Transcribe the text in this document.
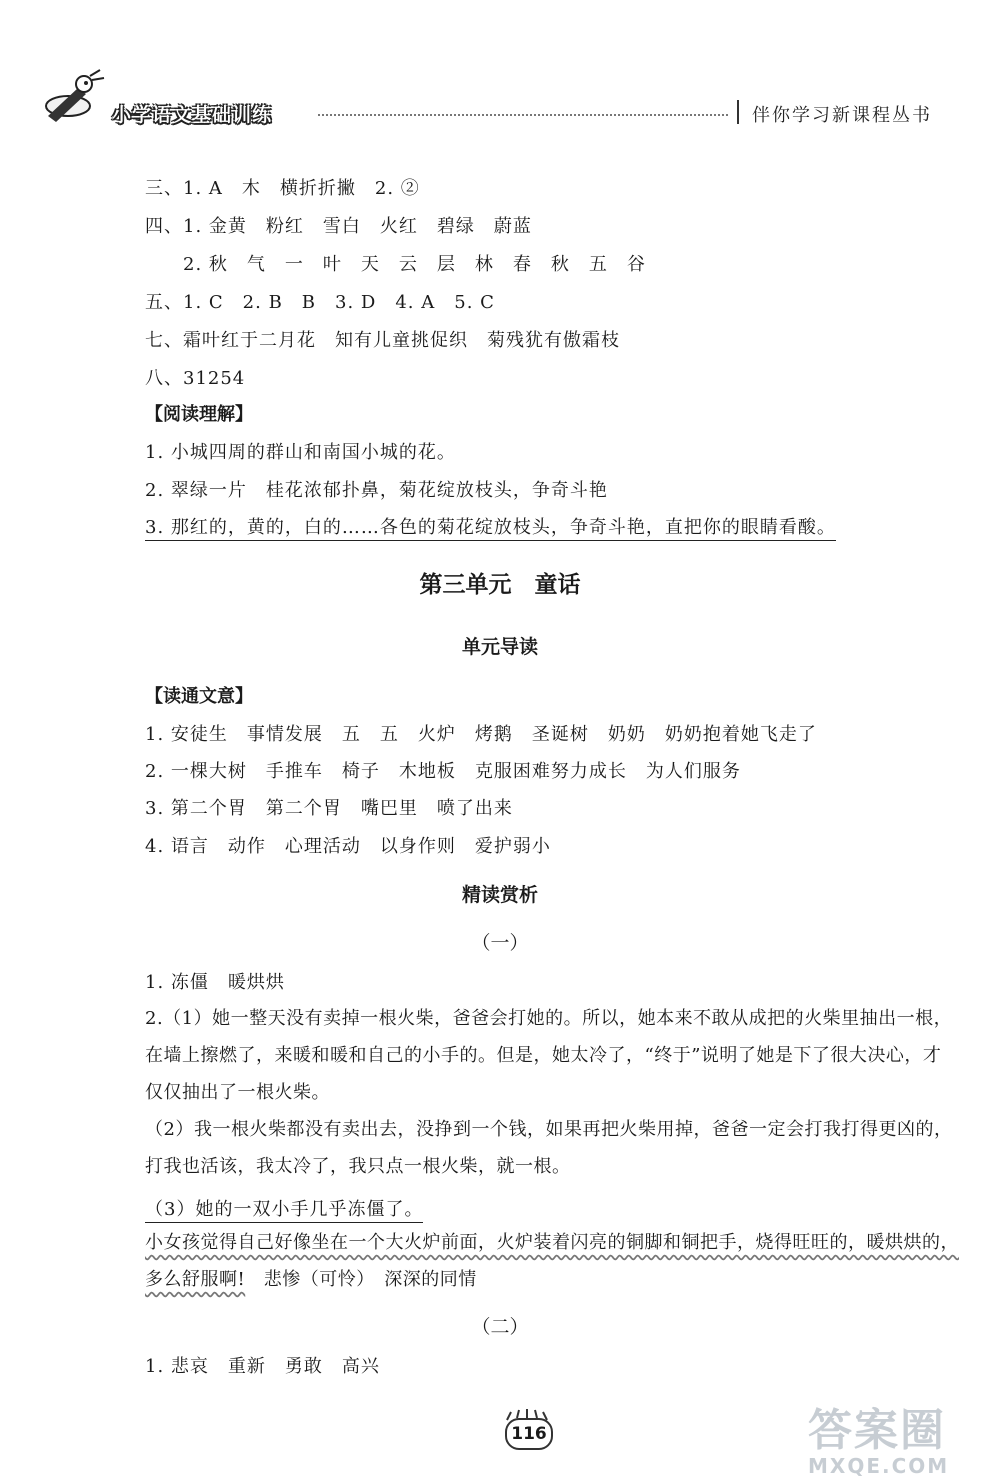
小学语文基础训练	伴你学习新课程丛书
三、1. A　木　横折折撇　2. ②
四、1. 金黄　粉红　雪白　火红　碧绿　蔚蓝
　　2. 秋　气　一　叶　天　云　层　林　春　秋　五　谷
五、1. C　2. B　B　3. D　4. A　5. C
七、霜叶红于二月花　知有儿童挑促织　菊残犹有傲霜枝
八、31254
【阅读理解】
1. 小城四周的群山和南国小城的花。
2. 翠绿一片　桂花浓郁扑鼻，菊花绽放枝头，争奇斗艳
3. 那红的，黄的，白的……各色的菊花绽放枝头，争奇斗艳，直把你的眼睛看酸。
第三单元　童话
单元导读
【读通文意】
1. 安徒生　事情发展　五　五　火炉　烤鹅　圣诞树　奶奶　奶奶抱着她飞走了
2. 一棵大树　手推车　椅子　木地板　克服困难努力成长　为人们服务
3. 第二个胃　第二个胃　嘴巴里　喷了出来
4. 语言　动作　心理活动　以身作则　爱护弱小
精读赏析
（一）
1. 冻僵　暖烘烘
2.（1）她一整天没有卖掉一根火柴，爸爸会打她的。所以，她本来不敢从成把的火柴里抽出一根，在墙上擦燃了，来暖和暖和自己的小手的。但是，她太冷了，“终于”说明了她是下了很大决心，才仅仅抽出了一根火柴。
（2）我一根火柴都没有卖出去，没挣到一个钱，如果再把火柴用掉，爸爸一定会打我打得更凶的，打我也活该，我太冷了，我只点一根火柴，就一根。
（3）她的一双小手几乎冻僵了。
小女孩觉得自己好像坐在一个大火炉前面，火炉装着闪亮的铜脚和铜把手，烧得旺旺的，暖烘烘的，多么舒服啊!　悲惨（可怜）　深深的同情
（二）
1. 悲哀　重新　勇敢　高兴
116	答案圈
MXQE.COM
